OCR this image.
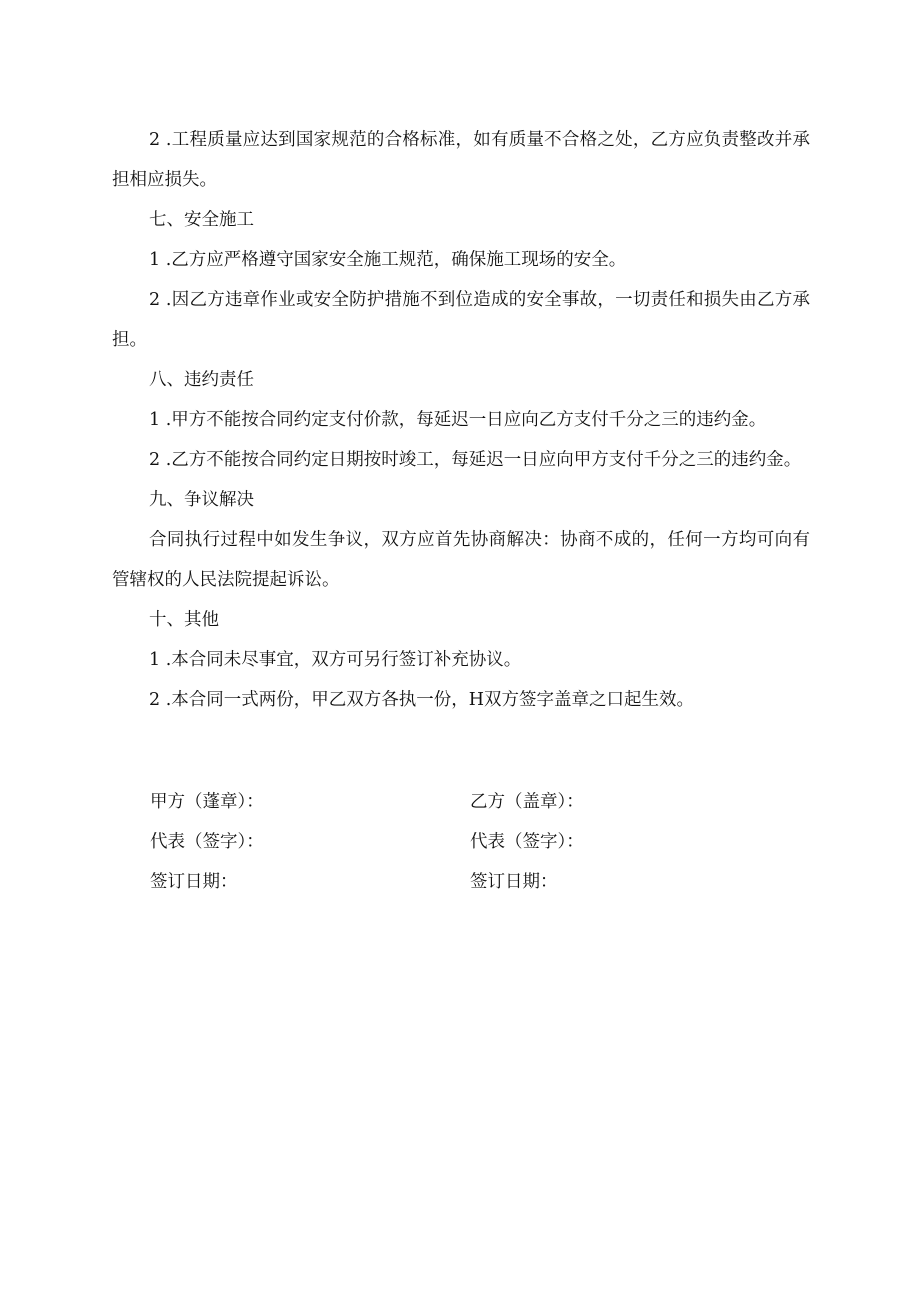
2 .工程质量应达到国家规范的合格标准，如有质量不合格之处，乙方应负责整改并承担相应损失。

七、安全施工

1 .乙方应严格遵守国家安全施工规范，确保施工现场的安全。

2 .因乙方违章作业或安全防护措施不到位造成的安全事故，一切责任和损失由乙方承担。

八、违约责任

1 .甲方不能按合同约定支付价款，每延迟一日应向乙方支付千分之三的违约金。

2 .乙方不能按合同约定日期按时竣工，每延迟一日应向甲方支付千分之三的违约金。

九、争议解决

合同执行过程中如发生争议，双方应首先协商解决：协商不成的，任何一方均可向有管辖权的人民法院提起诉讼。

十、其他

1 .本合同未尽事宜，双方可另行签订补充协议。

2 .本合同一式两份，甲乙双方各执一份，H双方签字盖章之口起生效。

甲方（蓬章）：	乙方（盖章）：
代表（签字）：	代表（签字）：
签订日期：	签订日期：
